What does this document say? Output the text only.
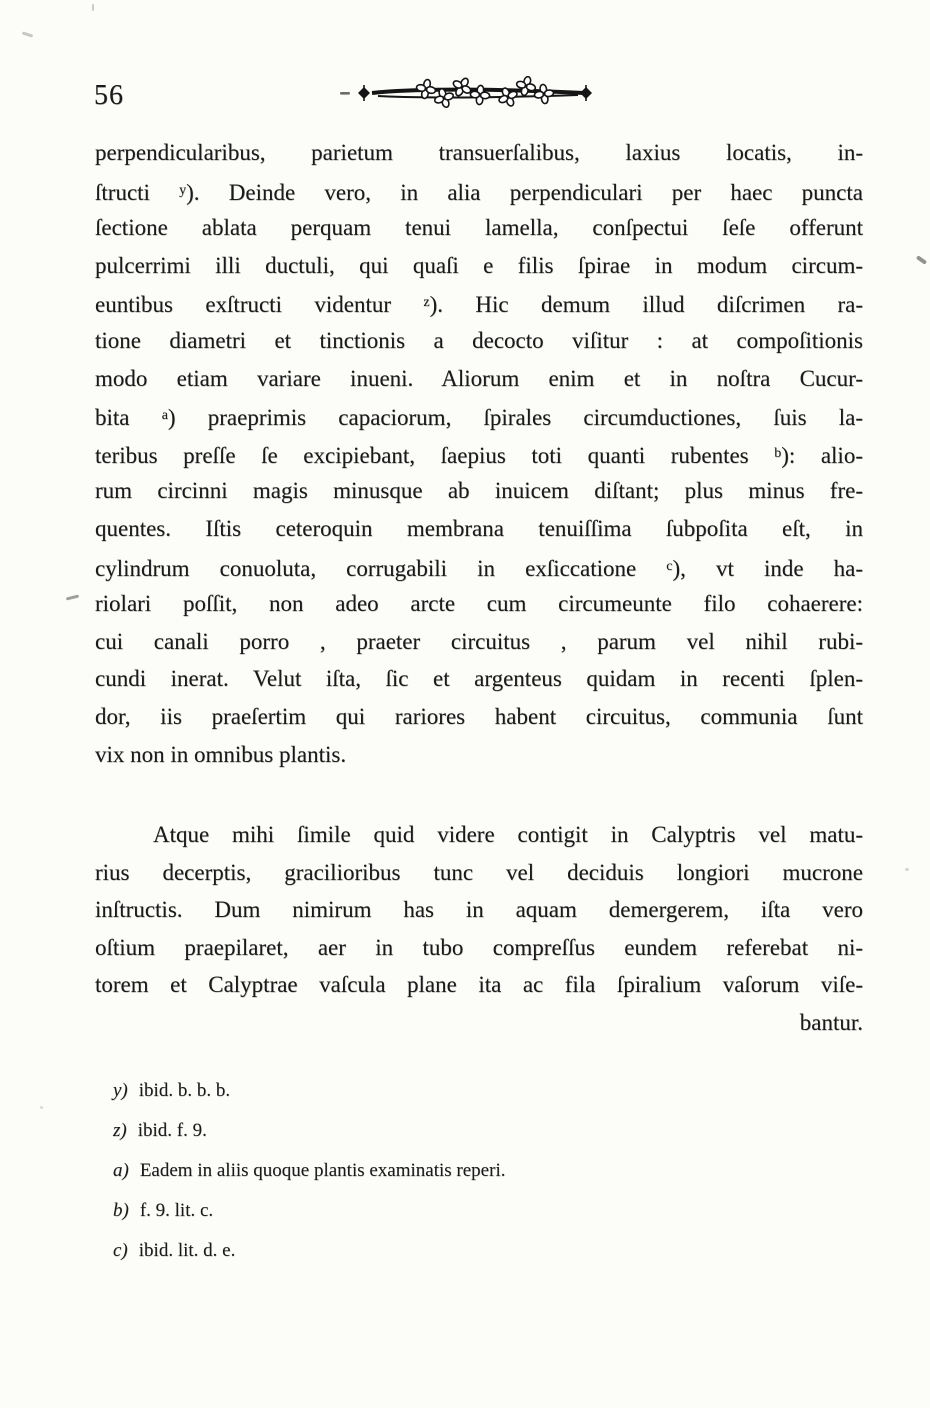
56
perpendicularibus, parietum transuerſalibus, laxius locatis, in-
ſtructi $^y$). Deinde vero, in alia perpendiculari per haec puncta
ſectione ablata perquam tenui lamella, conſpectui ſeſe offerunt
pulcerrimi illi ductuli, qui quaſi e filis ſpirae in modum circum-
euntibus exſtructi videntur $^z$). Hic demum illud diſcrimen ra-
tione diametri et tinctionis a decocto viſitur : at compoſitionis
modo etiam variare inueni. Aliorum enim et in noſtra Cucur-
bita $^a$) praeprimis capaciorum, ſpirales circumductiones, ſuis la-
teribus preſſe ſe excipiebant, ſaepius toti quanti rubentes $^b$): alio-
rum circinni magis minusque ab inuicem diſtant; plus minus fre-
quentes. Iſtis ceteroquin membrana tenuiſſima ſubpoſita eſt, in
cylindrum conuoluta, corrugabili in exſiccatione $^c$), vt inde ha-
riolari poſſit, non adeo arcte cum circumeunte filo cohaerere:
cui canali porro , praeter circuitus , parum vel nihil rubi-
cundi inerat. Velut iſta, ſic et argenteus quidam in recenti ſplen-
dor, iis praeſertim qui rariores habent circuitus, communia ſunt
vix non in omnibus plantis.
Atque mihi ſimile quid videre contigit in Calyptris vel matu-
rius decerptis, gracilioribus tunc vel deciduis longiori mucrone
inſtructis. Dum nimirum has in aquam demergerem, iſta vero
oſtium praepilaret, aer in tubo compreſſus eundem referebat ni-
torem et Calyptrae vaſcula plane ita ac fila ſpiralium vaſorum viſe-
bantur.
y) ibid. b. b. b.
z) ibid. f. 9.
a) Eadem in aliis quoque plantis examinatis reperi.
b) f. 9. lit. c.
c) ibid. lit. d. e.
